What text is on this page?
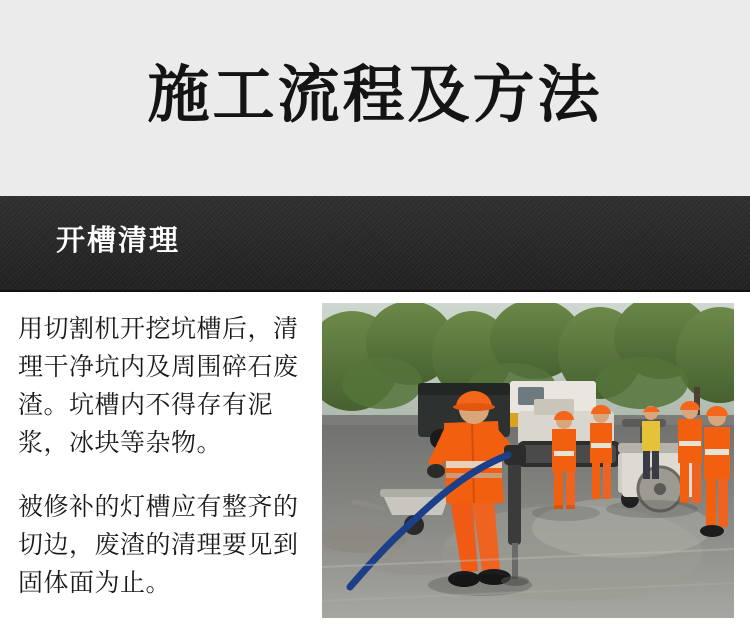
施工流程及方法
开槽清理

用切割机开挖坑槽后，清理干净坑内及周围碎石废渣。坑槽内不得存有泥浆，冰块等杂物。

被修补的灯槽应有整齐的切边，废渣的清理要见到固体面为止。
